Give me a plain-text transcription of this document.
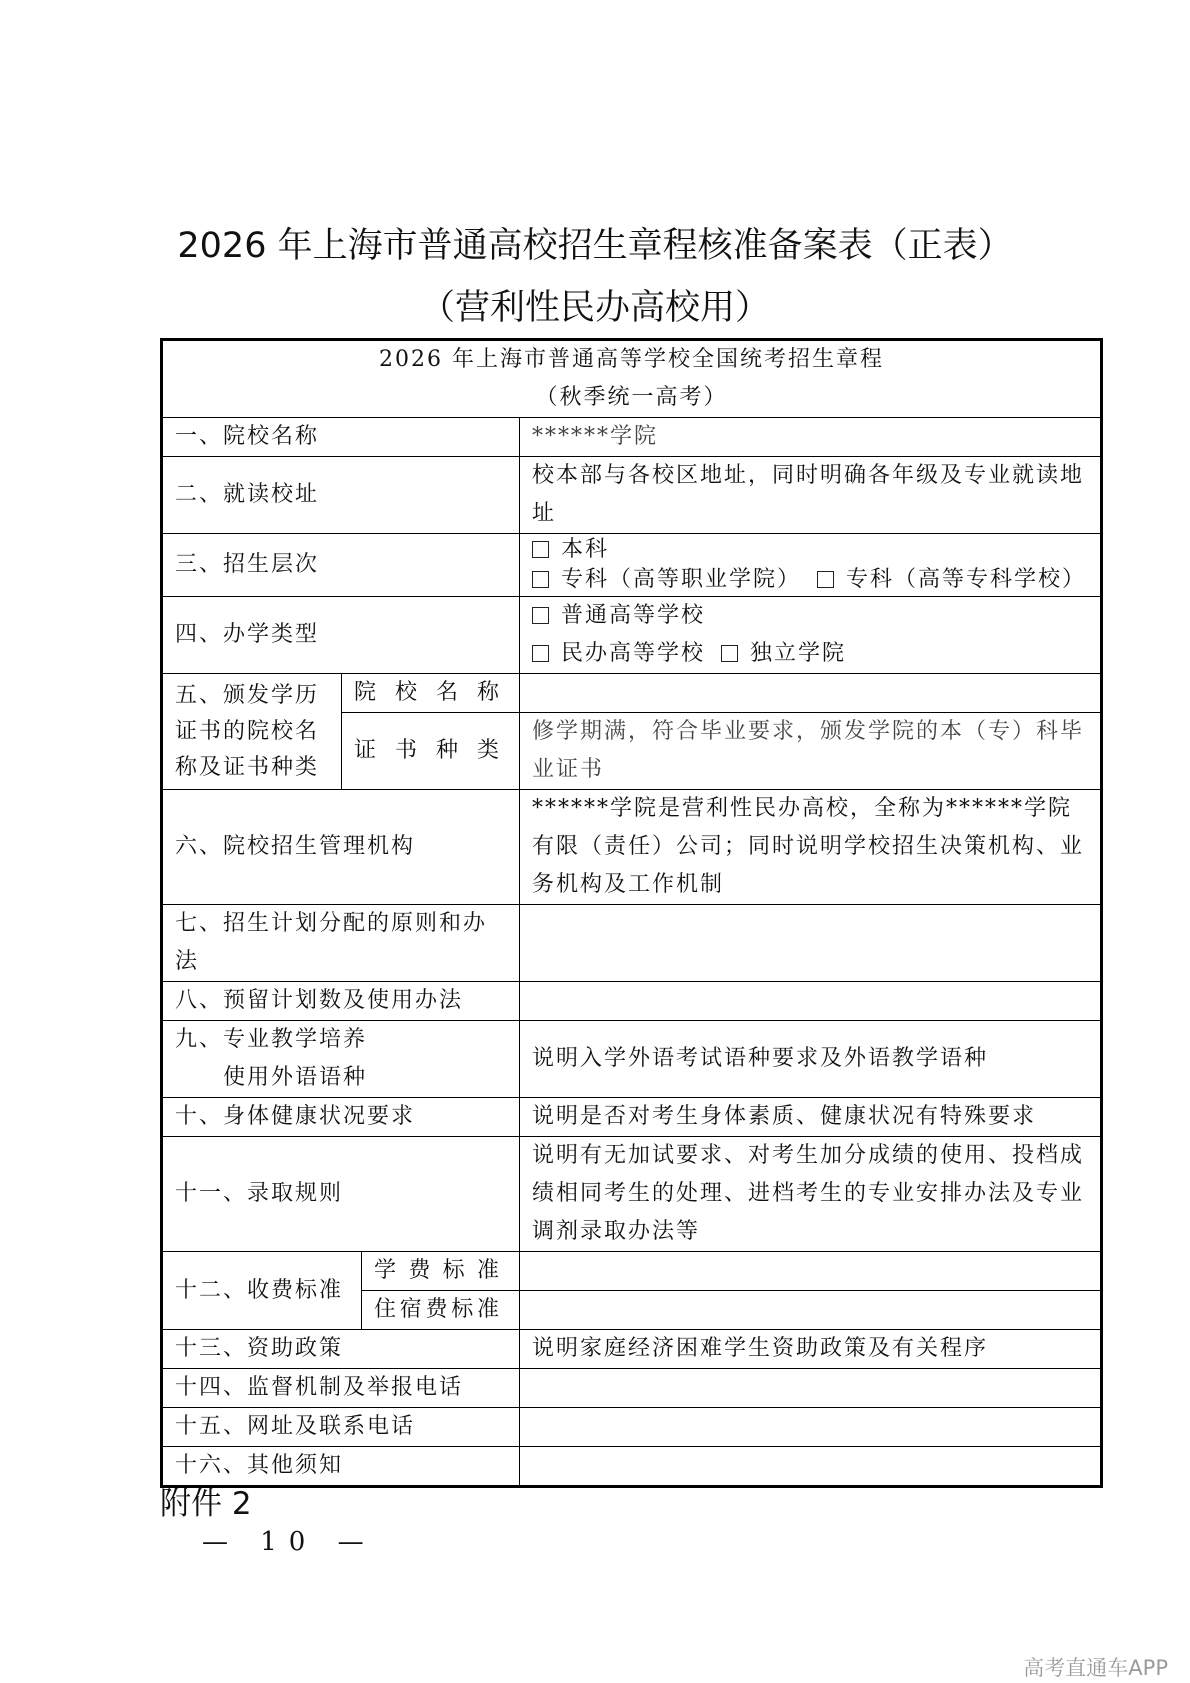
2026 年上海市普通高校招生章程核准备案表（正表）
（营利性民办高校用）
2026 年上海市普通高等学校全国统考招生章程
（秋季统一高考）			

一、院校名称			******学院
二、就读校址			校本部与各校区地址，同时明确各年级及专业就读地址
三、招生层次			本科
专科（高等职业学院） 专科（高等专科学校）

四、办学类型			普通高等学校
民办高等学校 独立学院

五、颁发学历证书的院校名称及证书种类	院 校 名 称		

	证 书 种 类		修学期满，符合毕业要求，颁发学院的本（专）科毕业证书
六、院校招生管理机构			******学院是营利性民办高校，全称为******学院有限（责任）公司；同时说明学校招生决策机构、业务机构及工作机制
七、招生计划分配的原则和办法			
八、预留计划数及使用办法			

九、专业教学培养
使用外语语种			说明入学外语考试语种要求及外语教学语种
十、身体健康状况要求			说明是否对考生身体素质、健康状况有特殊要求
十一、录取规则			说明有无加试要求、对考生加分成绩的使用、投档成绩相同考生的处理、进档考生的专业安排办法及专业调剂录取办法等
十二、收费标准		学 费 标 准	

		住 宿 费 标 准	

十三、资助政策			说明家庭经济困难学生资助政策及有关程序
十四、监督机制及举报电话			
十五、网址及联系电话			
十六、其他须知			
附件 2
— 10 —
高考直通车APP
